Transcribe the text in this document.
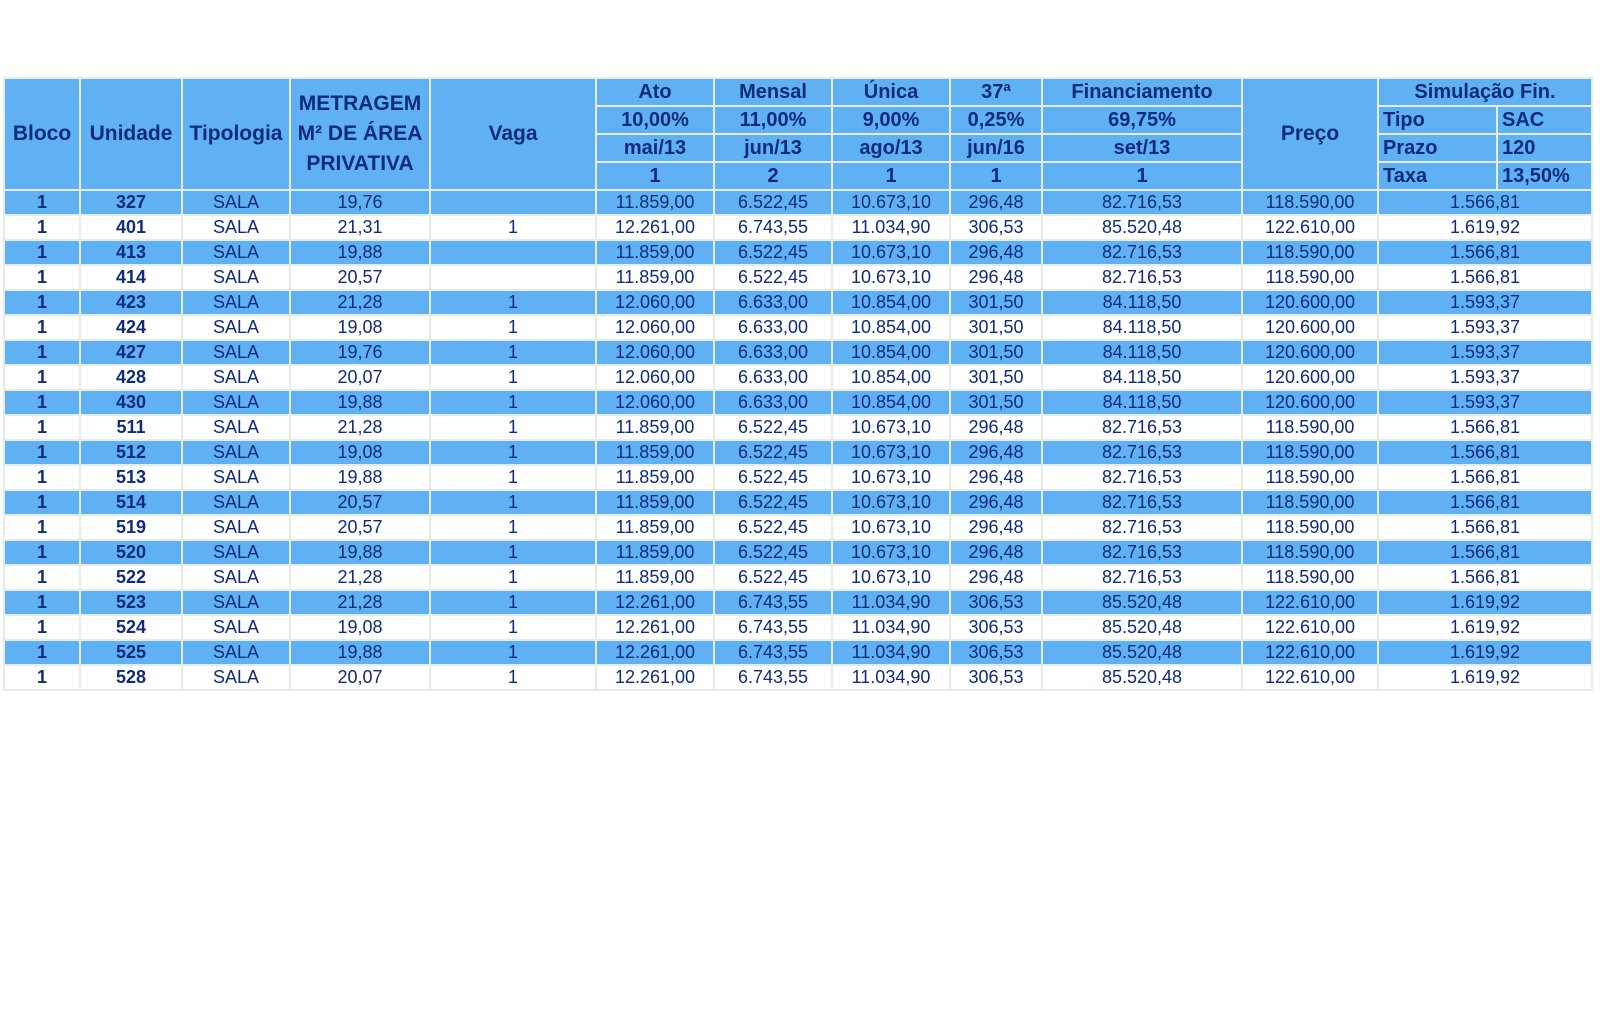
Bloco	Unidade	Tipologia	METRAGEM
M² DE ÁREA
PRIVATIVA	Vaga	Ato	Mensal	Única	37ª	Financiamento	Preço	Simulação Fin.	
					10,00%	11,00%	9,00%	0,25%	69,75%		Tipo	SAC
					mai/13	jun/13	ago/13	jun/16	set/13		Prazo	120
					1	2	1	1	1		Taxa	13,50%
1	327	SALA	19,76		11.859,00	6.522,45	10.673,10	296,48	82.716,53	118.590,00	1.566,81	
1	401	SALA	21,31	1	12.261,00	6.743,55	11.034,90	306,53	85.520,48	122.610,00	1.619,92	
1	413	SALA	19,88		11.859,00	6.522,45	10.673,10	296,48	82.716,53	118.590,00	1.566,81	
1	414	SALA	20,57		11.859,00	6.522,45	10.673,10	296,48	82.716,53	118.590,00	1.566,81	
1	423	SALA	21,28	1	12.060,00	6.633,00	10.854,00	301,50	84.118,50	120.600,00	1.593,37	
1	424	SALA	19,08	1	12.060,00	6.633,00	10.854,00	301,50	84.118,50	120.600,00	1.593,37	
1	427	SALA	19,76	1	12.060,00	6.633,00	10.854,00	301,50	84.118,50	120.600,00	1.593,37	
1	428	SALA	20,07	1	12.060,00	6.633,00	10.854,00	301,50	84.118,50	120.600,00	1.593,37	
1	430	SALA	19,88	1	12.060,00	6.633,00	10.854,00	301,50	84.118,50	120.600,00	1.593,37	
1	511	SALA	21,28	1	11.859,00	6.522,45	10.673,10	296,48	82.716,53	118.590,00	1.566,81	
1	512	SALA	19,08	1	11.859,00	6.522,45	10.673,10	296,48	82.716,53	118.590,00	1.566,81	
1	513	SALA	19,88	1	11.859,00	6.522,45	10.673,10	296,48	82.716,53	118.590,00	1.566,81	
1	514	SALA	20,57	1	11.859,00	6.522,45	10.673,10	296,48	82.716,53	118.590,00	1.566,81	
1	519	SALA	20,57	1	11.859,00	6.522,45	10.673,10	296,48	82.716,53	118.590,00	1.566,81	
1	520	SALA	19,88	1	11.859,00	6.522,45	10.673,10	296,48	82.716,53	118.590,00	1.566,81	
1	522	SALA	21,28	1	11.859,00	6.522,45	10.673,10	296,48	82.716,53	118.590,00	1.566,81	
1	523	SALA	21,28	1	12.261,00	6.743,55	11.034,90	306,53	85.520,48	122.610,00	1.619,92	
1	524	SALA	19,08	1	12.261,00	6.743,55	11.034,90	306,53	85.520,48	122.610,00	1.619,92	
1	525	SALA	19,88	1	12.261,00	6.743,55	11.034,90	306,53	85.520,48	122.610,00	1.619,92	
1	528	SALA	20,07	1	12.261,00	6.743,55	11.034,90	306,53	85.520,48	122.610,00	1.619,92	
